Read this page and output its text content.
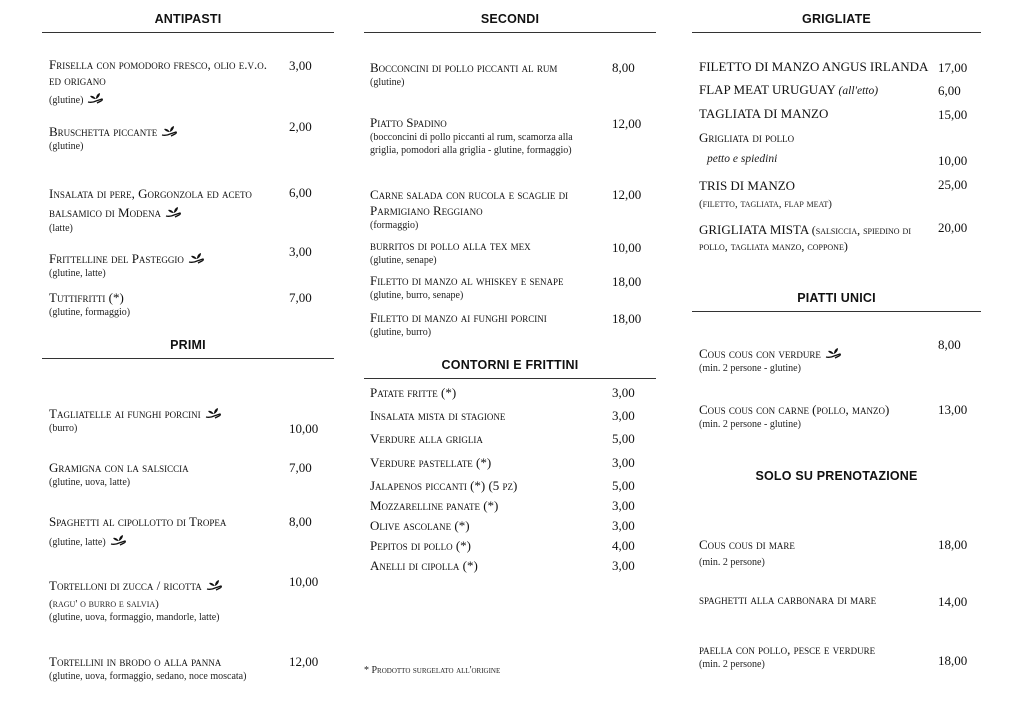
ANTIPASTI
Frisella con pomodoro fresco, olio e.v.o. ed origano
(glutine)
3,00
Bruschetta piccante
(glutine)
2,00
Insalata di pere, Gorgonzola ed aceto balsamico di Modena
(latte)
6,00
Frittelline del Pasteggio
(glutine, latte)
3,00
Tuttifritti (*)
(glutine, formaggio)
7,00
PRIMI
Tagliatelle ai funghi porcini
(burro)	10,00
Gramigna con la salsiccia
(glutine, uova, latte)
7,00
Spaghetti al cipollotto di Tropea
(glutine, latte)
8,00
Tortelloni di zucca / ricotta
(ragu' o burro e salvia)
(glutine, uova, formaggio, mandorle, latte)
10,00
Tortellini in brodo o alla panna
(glutine, uova, formaggio, sedano, noce moscata)
12,00
SECONDI
Bocconcini di pollo piccanti al rum
(glutine)
8,00
Piatto Spadino
(bocconcini di pollo piccanti al rum, scamorza alla griglia, pomodori alla griglia - glutine, formaggio)
12,00
Carne salada con rucola e scaglie di Parmigiano Reggiano
(formaggio)
12,00
burritos di pollo alla tex mex
(glutine, senape)
10,00
Filetto di manzo al whiskey e senape
(glutine, burro, senape)
18,00
Filetto di manzo ai funghi porcini
(glutine, burro)
18,00
CONTORNI E FRITTINI
Patate fritte (*)	3,00
Insalata mista di stagione	3,00
Verdure alla griglia	5,00
Verdure pastellate (*)	3,00
Jalapenos piccanti (*) (5 pz)	5,00
Mozzarelline panate (*)	3,00
Olive ascolane (*)	3,00
Pepitos di pollo (*)	4,00
Anelli di cipolla (*)	3,00
* Prodotto surgelato all'origine
GRIGLIATE
FILETTO DI MANZO ANGUS IRLANDA 17,00
FLAP MEAT URUGUAY (all'etto)	6,00
TAGLIATA DI MANZO	15,00
Grigliata di pollo
petto e spiedini	10,00
TRIS DI MANZO
(filetto, tagliata, flap meat)
25,00
GRIGLIATA MISTA (salsiccia, spiedino di pollo, tagliata manzo, coppone)
20,00
PIATTI UNICI
Cous cous con verdure
(min. 2 persone - glutine)
8,00
Cous cous con carne (pollo, manzo)
(min. 2 persone - glutine)
13,00
SOLO SU PRENOTAZIONE
Cous cous di mare
(min. 2 persone)
18,00
spaghetti alla carbonara di mare	14,00
paella con pollo, pesce e verdure
(min. 2 persone)	18,00
